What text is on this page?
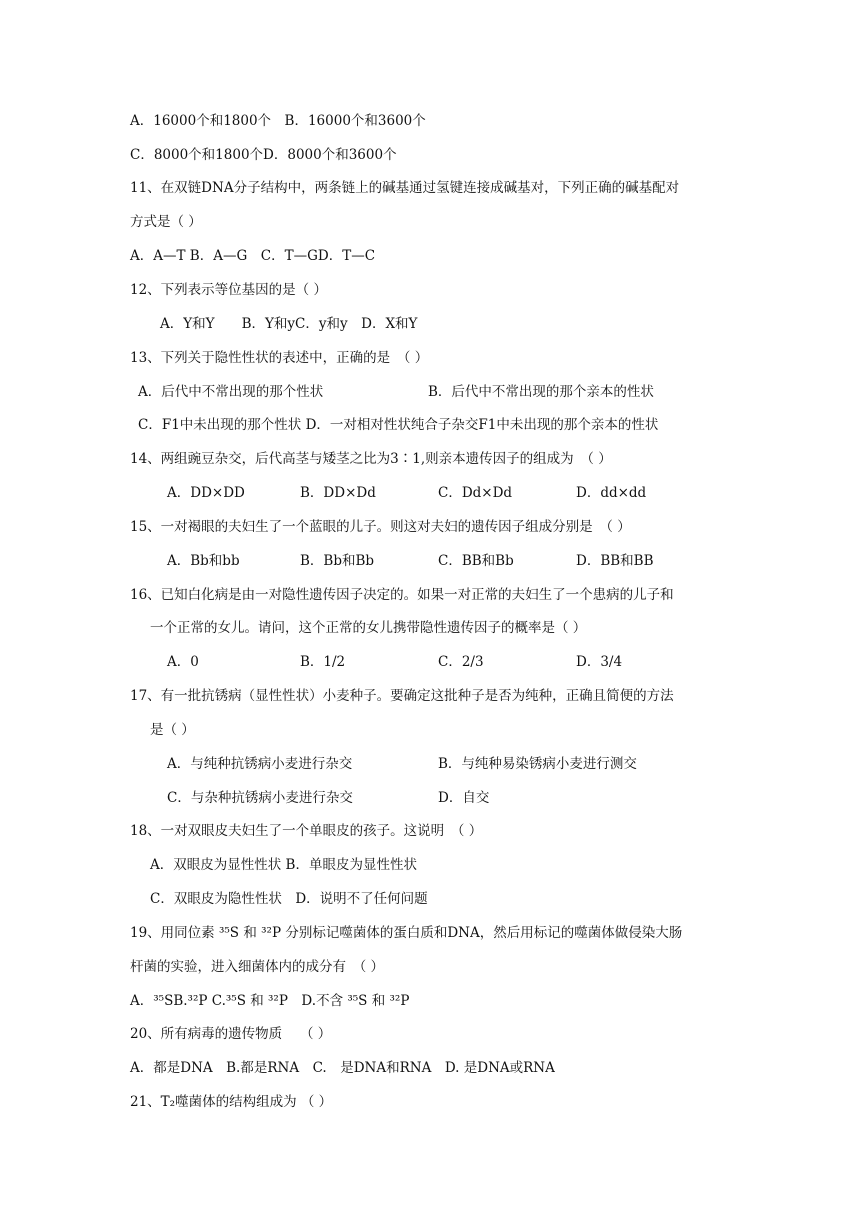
A．16000个和1800个　B．16000个和3600个
C．8000个和1800个D．8000个和3600个
11、在双链DNA分子结构中，两条链上的碱基通过氢键连接成碱基对，下列正确的碱基配对
方式是（ ）
A．A—T B．A—G　C．T—GD．T—C
12、下列表示等位基因的是（ ）
A．Y和Y　　B．Y和yC．y和y　D．X和Y
13、下列关于隐性性状的表述中，正确的是　（ ）
A．后代中不常出现的那个性状	B．后代中不常出现的那个亲本的性状
C．F1中未出现的那个性状 D．一对相对性状纯合子杂交F1中未出现的那个亲本的性状
14、两组豌豆杂交，后代高茎与矮茎之比为3∶1,则亲本遗传因子的组成为　（ ）
A．DD×DD	B．DD×Dd	C．Dd×Dd	D．dd×dd
15、一对褐眼的夫妇生了一个蓝眼的儿子。则这对夫妇的遗传因子组成分别是　（ ）
A．Bb和bb	B．Bb和Bb	C．BB和Bb	D．BB和BB
16、已知白化病是由一对隐性遗传因子决定的。如果一对正常的夫妇生了一个患病的儿子和
一个正常的女儿。请问，这个正常的女儿携带隐性遗传因子的概率是（ ）
A．0	B．1/2	C．2/3	D．3/4
17、有一批抗锈病（显性性状）小麦种子。要确定这批种子是否为纯种，正确且简便的方法
是（ ）
A．与纯种抗锈病小麦进行杂交	B．与纯种易染锈病小麦进行测交
C．与杂种抗锈病小麦进行杂交	D．自交
18、一对双眼皮夫妇生了一个单眼皮的孩子。这说明　（ ）
A．双眼皮为显性性状 B．单眼皮为显性性状
C．双眼皮为隐性性状　D．说明不了任何问题
19、用同位素 ³⁵S 和 ³²P 分别标记噬菌体的蛋白质和DNA，然后用标记的噬菌体做侵染大肠
杆菌的实验，进入细菌体内的成分有　（ ）
A．³⁵SB.³²P C.³⁵S 和 ³²P　D.不含 ³⁵S 和 ³²P
20、所有病毒的遗传物质　 （ ）
A．都是DNA　B.都是RNA　C.　是DNA和RNA　D. 是DNA或RNA
21、T₂噬菌体的结构组成为 （ ）
